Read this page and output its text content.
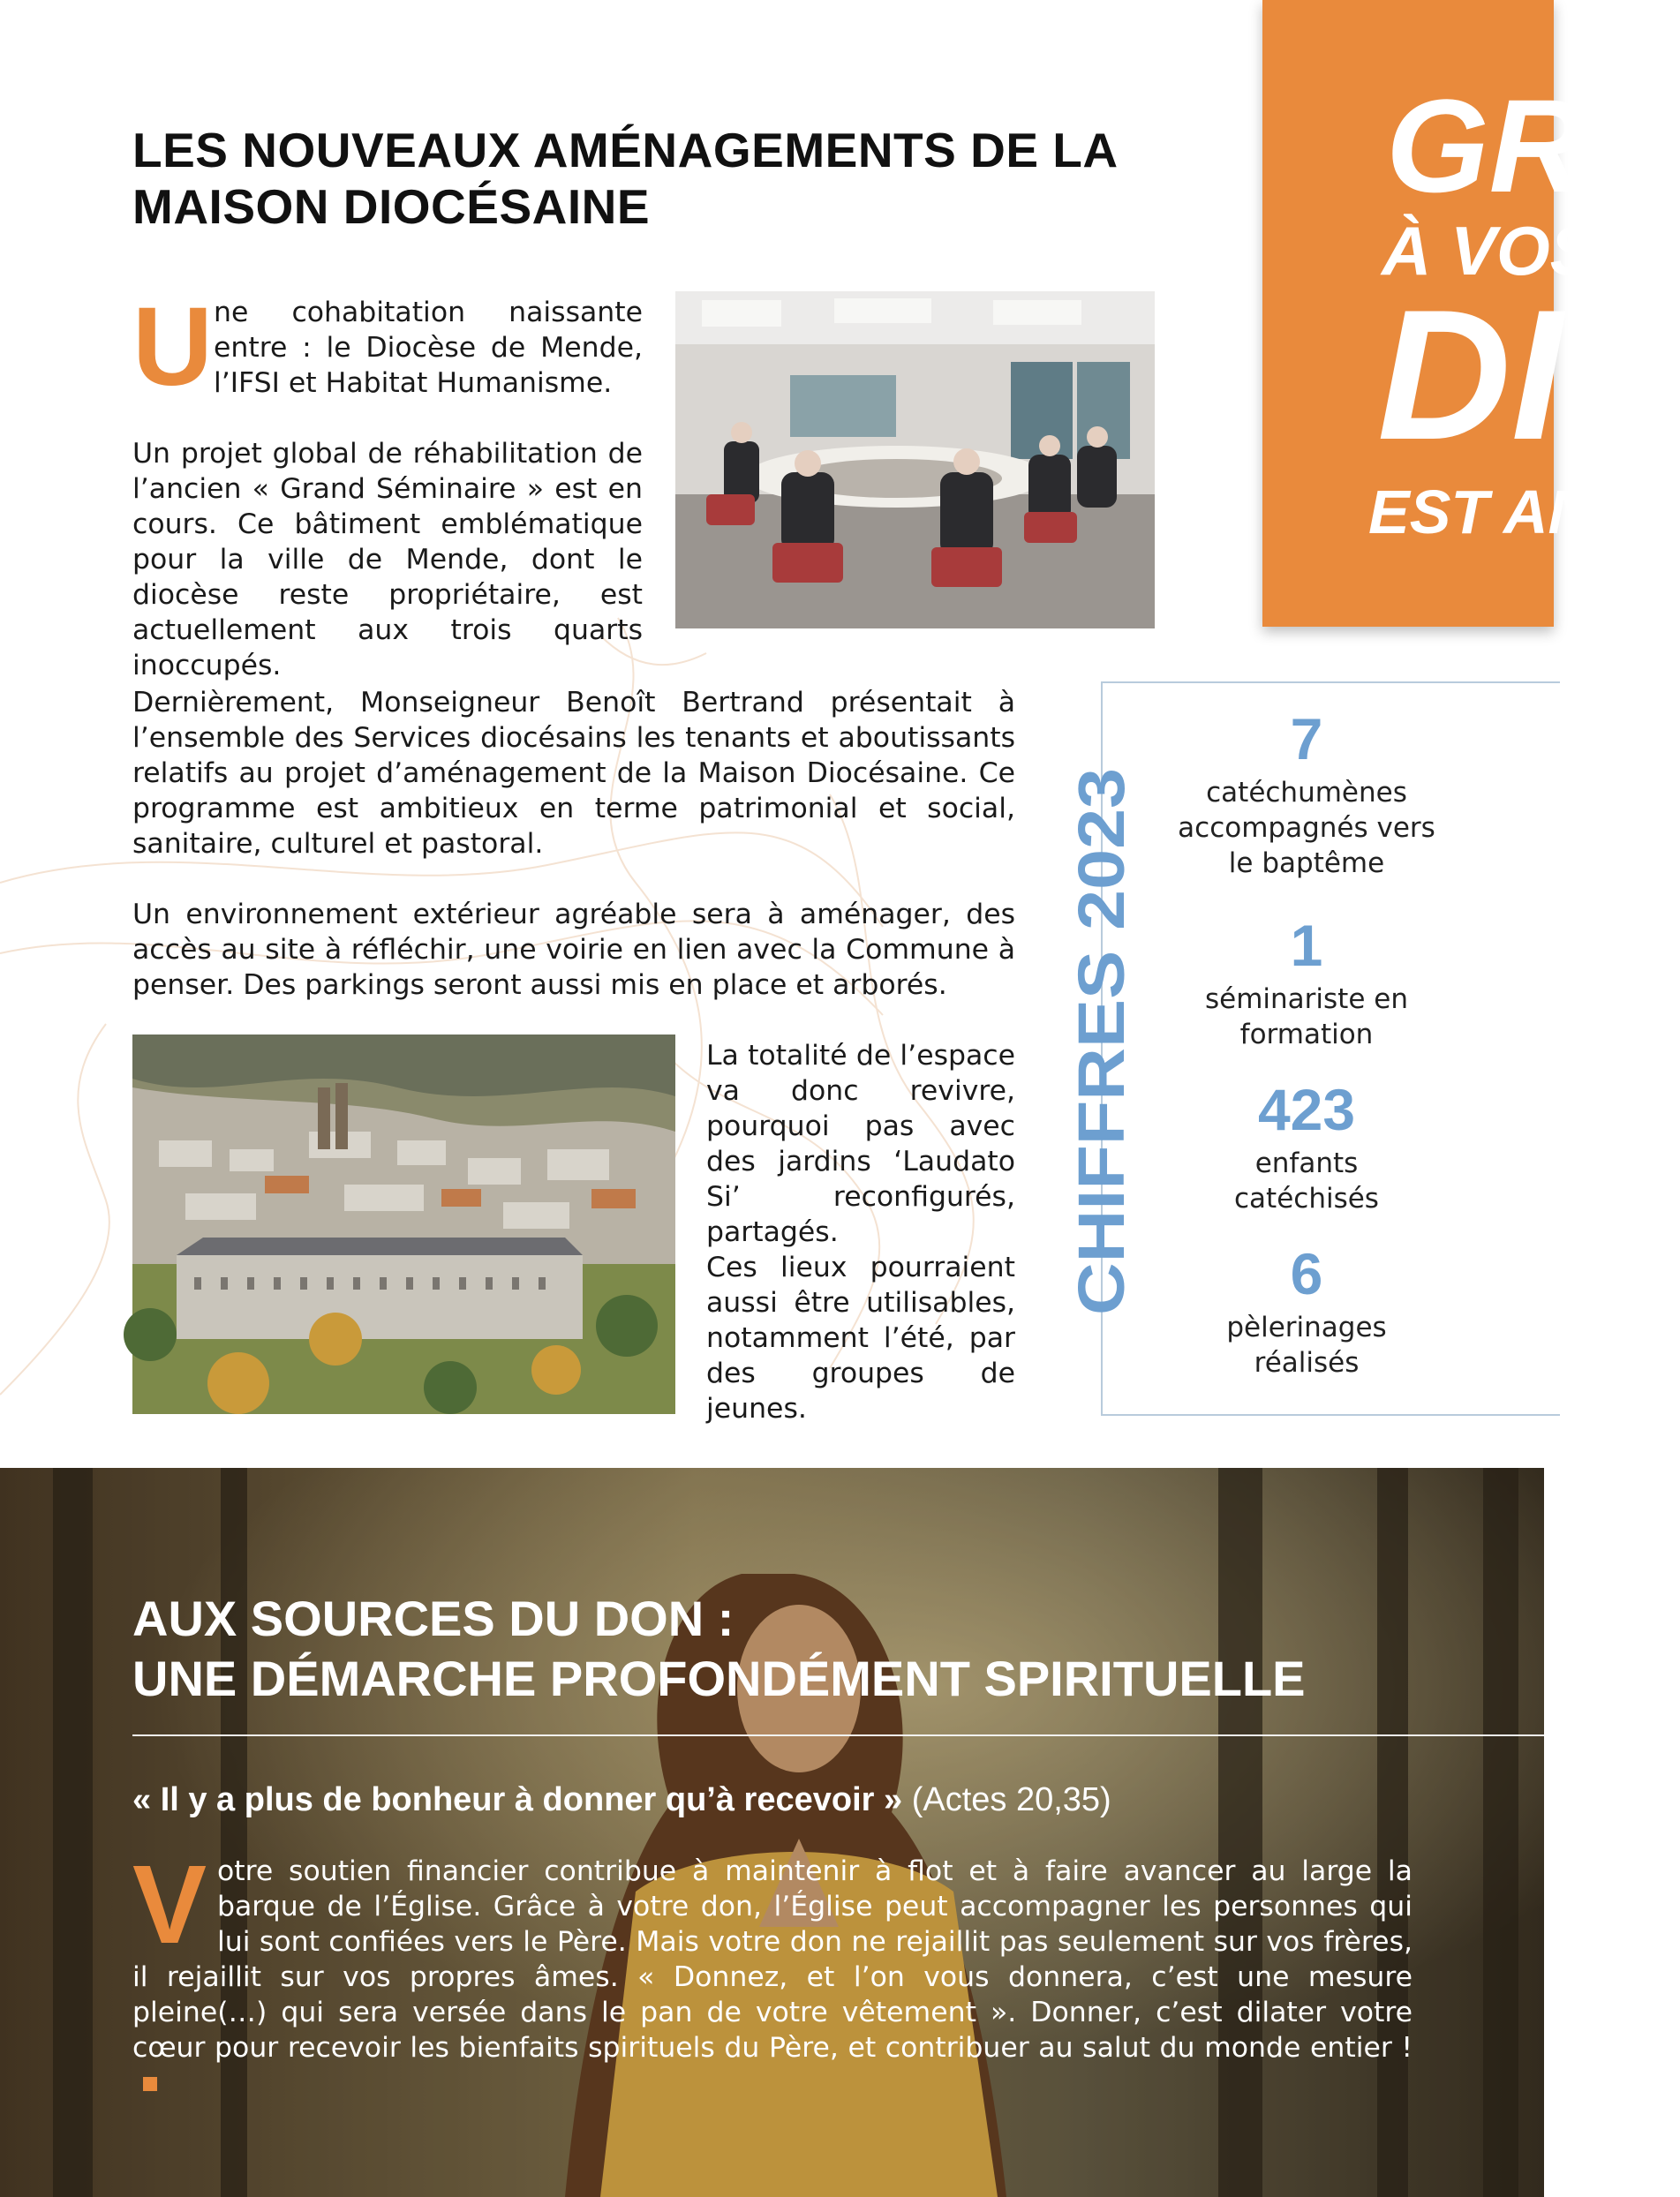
LES NOUVEAUX AMÉNAGEMENTS DE LA
MAISON DIOCÉSAINE
U ne cohabitation naissante entre : le Diocèse de Mende, l’IFSI et Habitat Humanisme.
Un projet global de réhabilitation de l’ancien « Grand Séminaire » est en cours. Ce bâtiment emblématique pour la ville de Mende, dont le diocèse reste propriétaire, est actuellement aux trois quarts inoccupés.
Dernièrement, Monseigneur Benoît Bertrand présentait à l’ensemble des Services diocésains les tenants et aboutissants relatifs au projet d’aménagement de la Maison Diocésaine. Ce programme est ambitieux en terme patrimonial et social, sanitaire, culturel et pastoral.
Un environnement extérieur agréable sera à aménager, des accès au site à réfléchir, une voirie en lien avec la Commune à penser. Des parkings seront aussi mis en place et arborés.
La totalité de l’espace va donc revivre, pourquoi pas avec des jardins ‘Laudato Si’ reconfigurés, partagés.
Ces lieux pourraient aussi être utilisables, notamment l’été, par des groupes de jeunes.
GRA
À VOS
DI
EST ANI
CHIFFRES 2023
7
catéchumènes accompagnés vers le baptême
1
séminariste en formation
423
enfants catéchisés
6
pèlerinages réalisés
AUX SOURCES DU DON :
UNE DÉMARCHE PROFONDÉMENT SPIRITUELLE
« Il y a plus de bonheur à donner qu’à recevoir » (Actes 20,35)
V otre soutien financier contribue à maintenir à flot et à faire avancer au large la barque de l’Église. Grâce à votre don, l’Église peut accompagner les personnes qui lui sont confiées vers le Père. Mais votre don ne rejaillit pas seulement sur vos frères, il rejaillit sur vos propres âmes. « Donnez, et l’on vous donnera, c’est une mesure pleine(…) qui sera versée dans le pan de votre vêtement ». Donner, c’est dilater votre cœur pour recevoir les bienfaits spirituels du Père, et contribuer au salut du monde entier !
